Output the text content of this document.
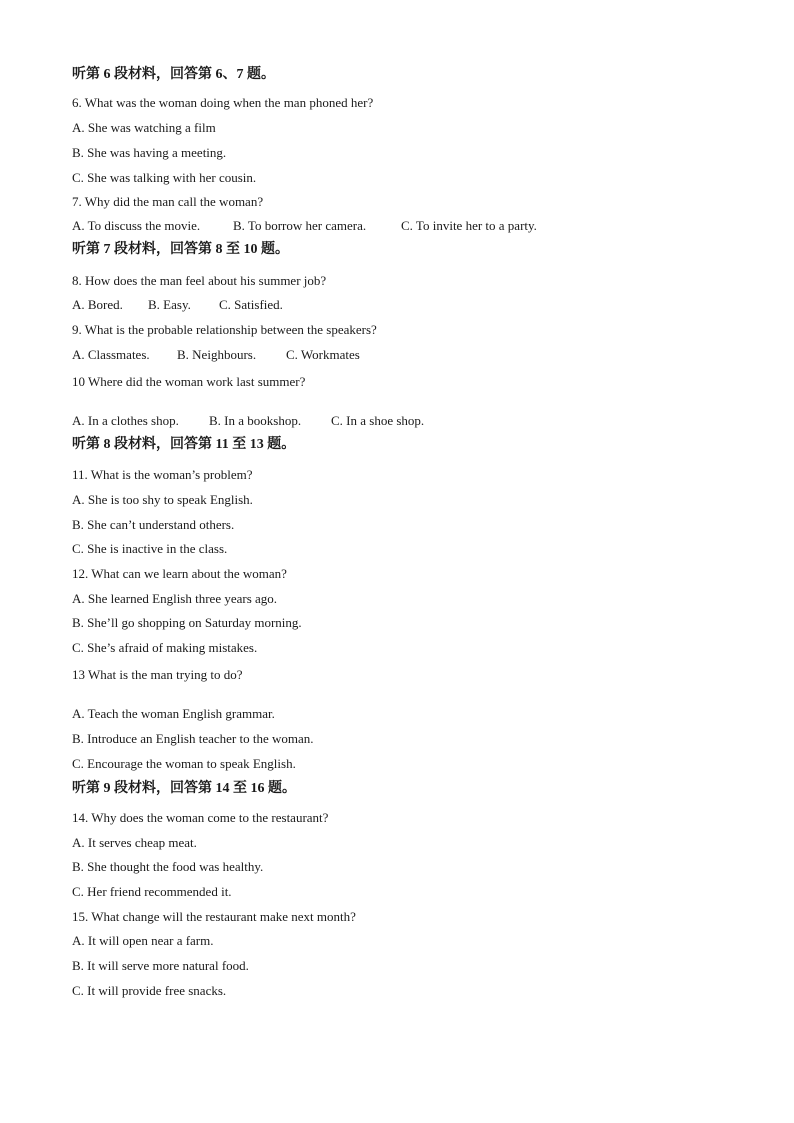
听第 6 段材料，回答第 6、7 题。
6. What was the woman doing when the man phoned her?
A. She was watching a film
B. She was having a meeting.
C. She was talking with her cousin.
7. Why did the man call the woman?
A. To discuss the movie.	B. To borrow her camera.	C. To invite her to a party.
听第 7 段材料，回答第 8 至 10 题。
8. How does the man feel about his summer job?
A. Bored. B. Easy. C. Satisfied.
9. What is the probable relationship between the speakers?
A. Classmates. B. Neighbours. C. Workmates
10 Where did the woman work last summer?
A. In a clothes shop. B. In a bookshop. C. In a shoe shop.
听第 8 段材料，回答第 11 至 13 题。
11. What is the woman’s problem?
A. She is too shy to speak English.
B. She can’t understand others.
C. She is inactive in the class.
12. What can we learn about the woman?
A. She learned English three years ago.
B. She’ll go shopping on Saturday morning.
C. She’s afraid of making mistakes.
13 What is the man trying to do?
A. Teach the woman English grammar.
B. Introduce an English teacher to the woman.
C. Encourage the woman to speak English.
听第 9 段材料，回答第 14 至 16 题。
14. Why does the woman come to the restaurant?
A. It serves cheap meat.
B. She thought the food was healthy.
C. Her friend recommended it.
15. What change will the restaurant make next month?
A. It will open near a farm.
B. It will serve more natural food.
C. It will provide free snacks.
